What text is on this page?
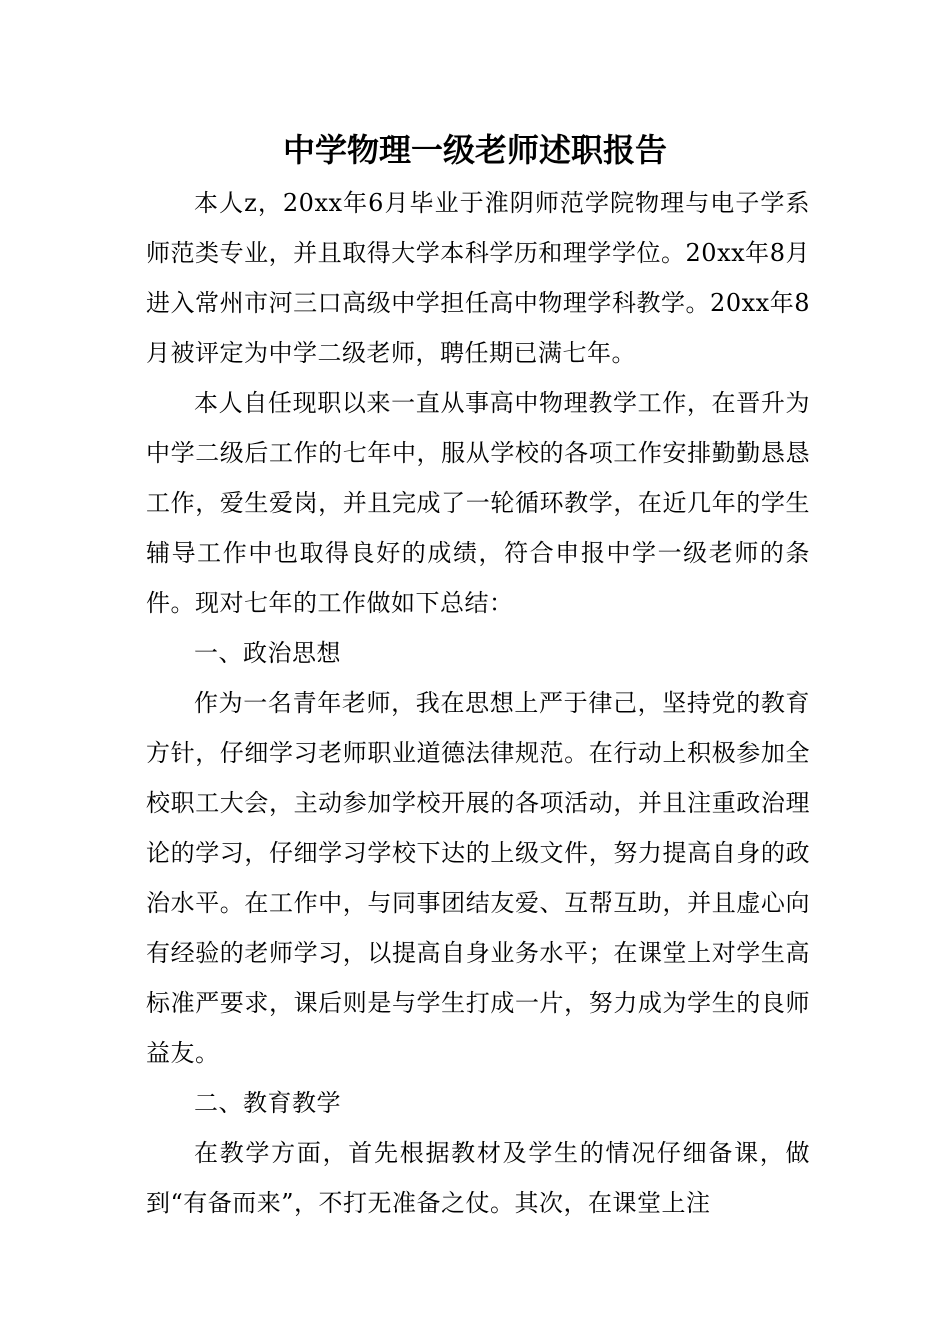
中学物理一级老师述职报告

本人z，20xx年6月毕业于淮阴师范学院物理与电子学系师范类专业，并且取得大学本科学历和理学学位。20xx年8月进入常州市河三口高级中学担任高中物理学科教学。20xx年8月被评定为中学二级老师，聘任期已满七年。

本人自任现职以来一直从事高中物理教学工作，在晋升为中学二级后工作的七年中，服从学校的各项工作安排勤勤恳恳工作，爱生爱岗，并且完成了一轮循环教学，在近几年的学生辅导工作中也取得良好的成绩，符合申报中学一级老师的条件。现对七年的工作做如下总结：

一、政治思想

作为一名青年老师，我在思想上严于律己，坚持党的教育方针，仔细学习老师职业道德法律规范。在行动上积极参加全校职工大会，主动参加学校开展的各项活动，并且注重政治理论的学习，仔细学习学校下达的上级文件，努力提高自身的政治水平。在工作中，与同事团结友爱、互帮互助，并且虚心向有经验的老师学习，以提高自身业务水平；在课堂上对学生高标准严要求，课后则是与学生打成一片，努力成为学生的良师益友。

二、教育教学

在教学方面，首先根据教材及学生的情况仔细备课，做到“有备而来”，不打无准备之仗。其次，在课堂上注
